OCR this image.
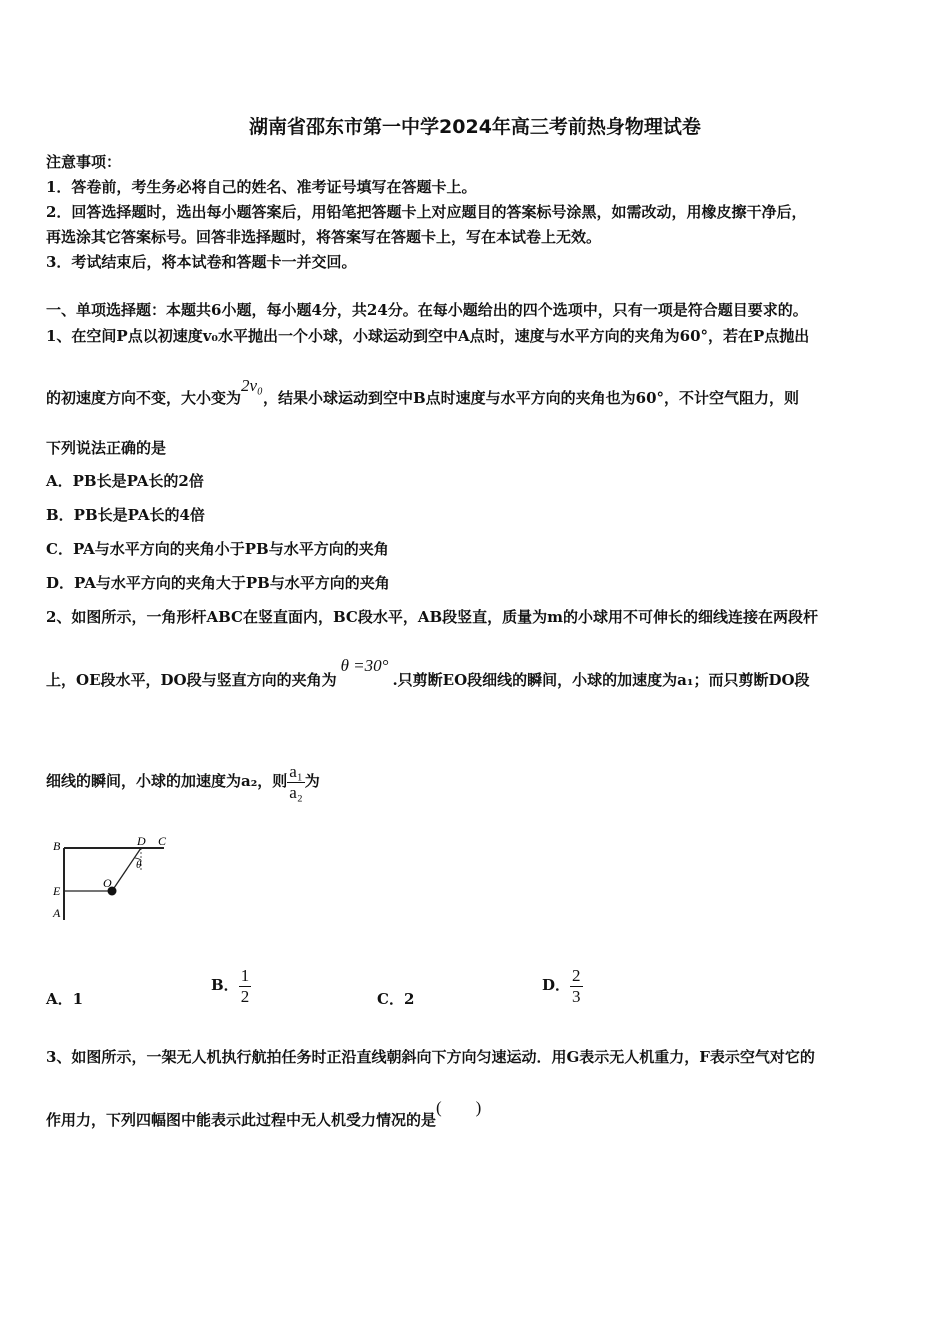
湖南省邵东市第一中学2024年高三考前热身物理试卷
注意事项：
1．答卷前，考生务必将自己的姓名、准考证号填写在答题卡上。
2．回答选择题时，选出每小题答案后，用铅笔把答题卡上对应题目的答案标号涂黑，如需改动，用橡皮擦干净后，
再选涂其它答案标号。回答非选择题时，将答案写在答题卡上，写在本试卷上无效。
3．考试结束后，将本试卷和答题卡一并交回。
一、单项选择题：本题共6小题，每小题4分，共24分。在每小题给出的四个选项中，只有一项是符合题目要求的。
1、在空间P点以初速度v₀水平抛出一个小球，小球运动到空中A点时，速度与水平方向的夹角为60°，若在P点抛出
的初速度方向不变，大小变为2v₀，结果小球运动到空中B点时速度与水平方向的夹角也为60°，不计空气阻力，则
下列说法正确的是
A．PB长是PA长的2倍
B．PB长是PA长的4倍
C．PA与水平方向的夹角小于PB与水平方向的夹角
D．PA与水平方向的夹角大于PB与水平方向的夹角
2、如图所示，一角形杆ABC在竖直面内，BC段水平，AB段竖直，质量为m的小球用不可伸长的细线连接在两段杆
上，OE段水平，DO段与竖直方向的夹角为θ =30°.只剪断EO段细线的瞬间，小球的加速度为a₁；而只剪断DO段
细线的瞬间，小球的加速度为a₂，则 $\frac{\text{a₁}}{\text{a₂}}$ 为
B	D C
θ
E
O
A
A．1
B． $\frac{1}{2}$	C．2
D． $\frac{2}{3}$
3、如图所示，一架无人机执行航拍任务时正沿直线朝斜向下方向匀速运动．用G表示无人机重力，F表示空气对它的
作用力，下列四幅图中能表示此过程中无人机受力情况的是(　　)
